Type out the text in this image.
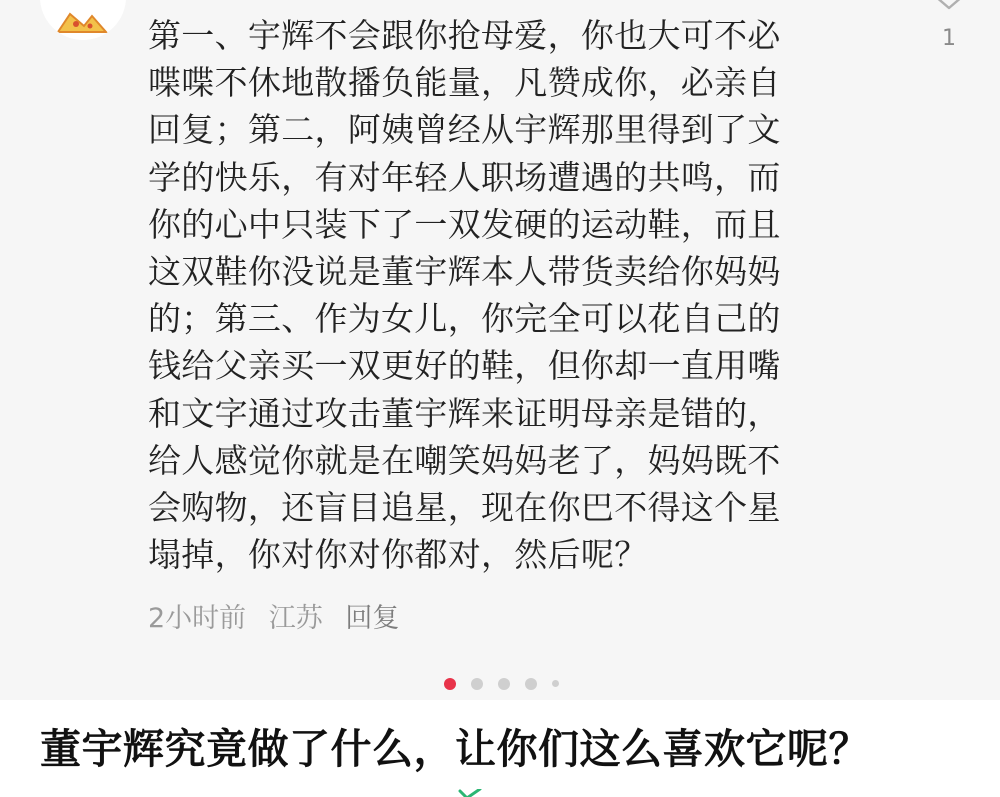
1

第一、宇辉不会跟你抢母爱，你也大可不必
喋喋不休地散播负能量，凡赞成你，必亲自
回复；第二，阿姨曾经从宇辉那里得到了文
学的快乐，有对年轻人职场遭遇的共鸣，而
你的心中只装下了一双发硬的运动鞋，而且
这双鞋你没说是董宇辉本人带货卖给你妈妈
的；第三、作为女儿，你完全可以花自己的
钱给父亲买一双更好的鞋，但你却一直用嘴
和文字通过攻击董宇辉来证明母亲是错的，
给人感觉你就是在嘲笑妈妈老了，妈妈既不
会购物，还盲目追星，现在你巴不得这个星
塌掉，你对你对你都对，然后呢？

2小时前 江苏 回复

董宇辉究竟做了什么，让你们这么喜欢它呢？
